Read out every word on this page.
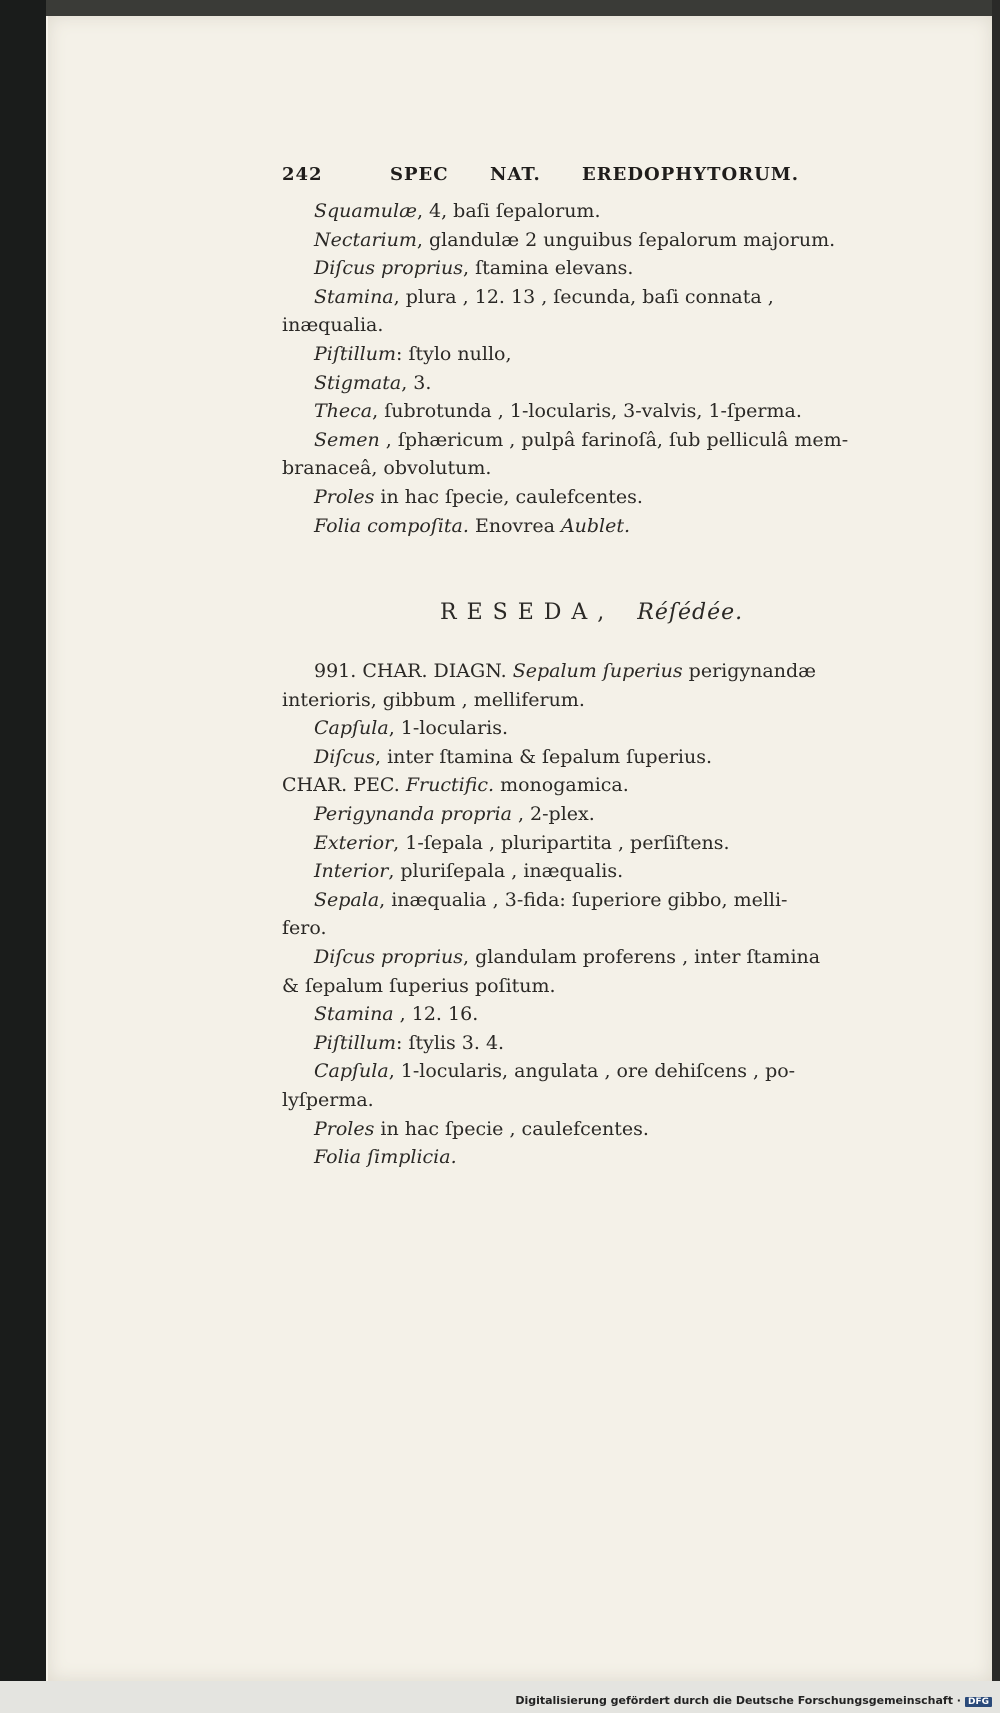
Digitalisierung gefördert durch die Deutsche Forschungsgemeinschaft · DFG
242	SPEC NAT. EREDOPHYTORUM.
Squamulæ, 4, baſi ſepalorum.
Nectarium, glandulæ 2 unguibus ſepalorum majorum.
Diſcus proprius, ſtamina elevans.
Stamina, plura , 12. 13 , ſecunda, baſi connata ,
inæqualia.
Piſtillum: ſtylo nullo,
Stigmata, 3.
Theca, ſubrotunda , 1-locularis, 3-valvis, 1-ſperma.
Semen , ſphæricum , pulpâ farinoſâ, ſub pelliculâ mem-
branaceâ, obvolutum.
Proles in hac ſpecie, caulefcentes.
Folia compoſita. Enovrea Aublet.
RESEDA, Réſédée.
991. CHAR. DIAGN. Sepalum ſuperius perigynandæ
interioris, gibbum , melliferum.
Capſula, 1-locularis.
Diſcus, inter ſtamina & ſepalum ſuperius.
CHAR. PEC. Fructific. monogamica.
Perigynanda propria , 2-plex.
Exterior, 1-ſepala , pluripartita , perſiſtens.
Interior, pluriſepala , inæqualis.
Sepala, inæqualia , 3-fida: ſuperiore gibbo, melli-
fero.
Diſcus proprius, glandulam proferens , inter ſtamina
& ſepalum ſuperius poſitum.
Stamina , 12. 16.
Piſtillum: ſtylis 3. 4.
Capſula, 1-locularis, angulata , ore dehiſcens , po-
lyſperma.
Proles in hac ſpecie , caulefcentes.
Folia ſimplicia.
